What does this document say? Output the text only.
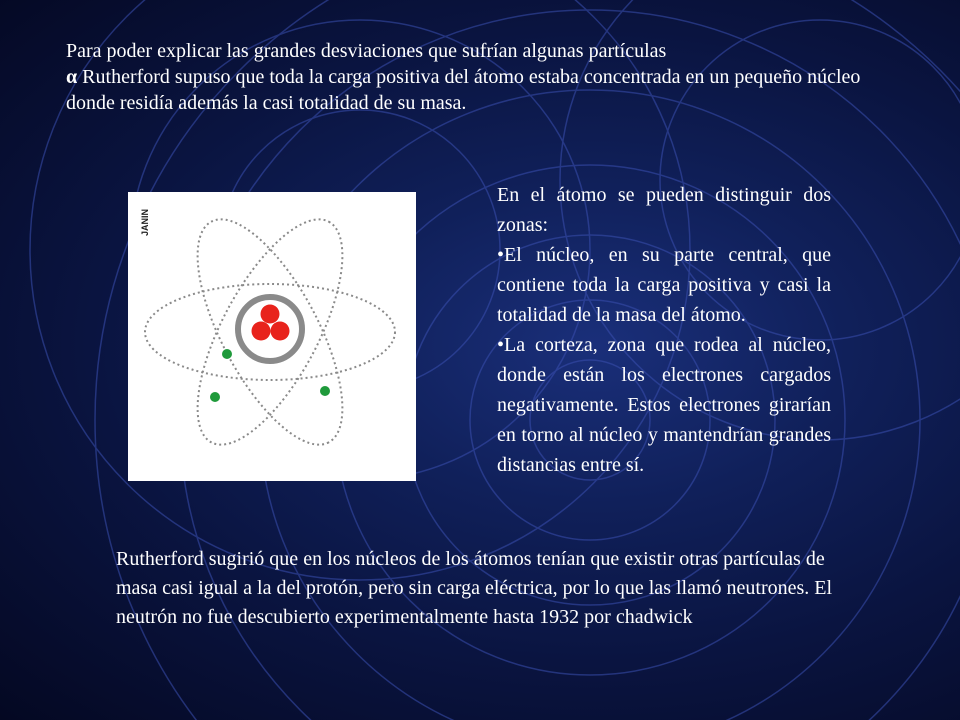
Para poder explicar las grandes desviaciones que sufrían algunas partículas
α Rutherford supuso que toda la carga positiva del átomo estaba concentrada en un pequeño núcleo donde residía además la casi totalidad de su masa.

JANIN

En el átomo se pueden distinguir dos zonas:

•El núcleo, en su parte central, que contiene toda la carga positiva y casi la totalidad de la masa del átomo.

•La corteza, zona que rodea al núcleo, donde están los electrones cargados negativamente. Estos electrones girarían en torno al núcleo y mantendrían grandes distancias entre sí.

Rutherford sugirió que en los núcleos de los átomos tenían que existir otras partículas de masa casi igual a la del protón, pero sin carga eléctrica, por lo que las llamó neutrones. El neutrón no fue descubierto experimentalmente hasta 1932 por chadwick
